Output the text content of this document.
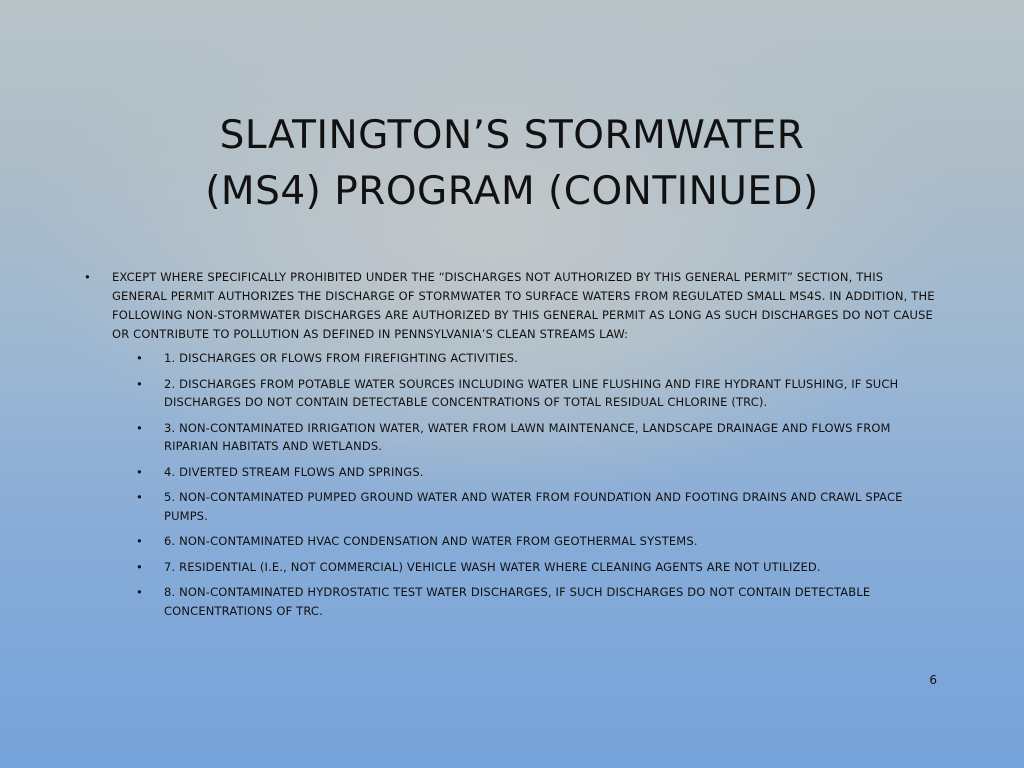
SLATINGTON’S STORMWATER
(MS4) PROGRAM (CONTINUED)
•	EXCEPT WHERE SPECIFICALLY PROHIBITED UNDER THE “DISCHARGES NOT AUTHORIZED BY THIS GENERAL PERMIT” SECTION, THIS GENERAL PERMIT AUTHORIZES THE DISCHARGE OF STORMWATER TO SURFACE WATERS FROM REGULATED SMALL MS4S. IN ADDITION, THE FOLLOWING NON-STORMWATER DISCHARGES ARE AUTHORIZED BY THIS GENERAL PERMIT AS LONG AS SUCH DISCHARGES DO NOT CAUSE OR CONTRIBUTE TO POLLUTION AS DEFINED IN PENNSYLVANIA’S CLEAN STREAMS LAW:
•	1. DISCHARGES OR FLOWS FROM FIREFIGHTING ACTIVITIES.
•	2. DISCHARGES FROM POTABLE WATER SOURCES INCLUDING WATER LINE FLUSHING AND FIRE HYDRANT FLUSHING, IF SUCH DISCHARGES DO NOT CONTAIN DETECTABLE CONCENTRATIONS OF TOTAL RESIDUAL CHLORINE (TRC).
•	3. NON-CONTAMINATED IRRIGATION WATER, WATER FROM LAWN MAINTENANCE, LANDSCAPE DRAINAGE AND FLOWS FROM RIPARIAN HABITATS AND WETLANDS.
•	4. DIVERTED STREAM FLOWS AND SPRINGS.
•	5. NON-CONTAMINATED PUMPED GROUND WATER AND WATER FROM FOUNDATION AND FOOTING DRAINS AND CRAWL SPACE PUMPS.
•	6. NON-CONTAMINATED HVAC CONDENSATION AND WATER FROM GEOTHERMAL SYSTEMS.
•	7. RESIDENTIAL (I.E., NOT COMMERCIAL) VEHICLE WASH WATER WHERE CLEANING AGENTS ARE NOT UTILIZED.
•	8. NON-CONTAMINATED HYDROSTATIC TEST WATER DISCHARGES, IF SUCH DISCHARGES DO NOT CONTAIN DETECTABLE CONCENTRATIONS OF TRC.
6
